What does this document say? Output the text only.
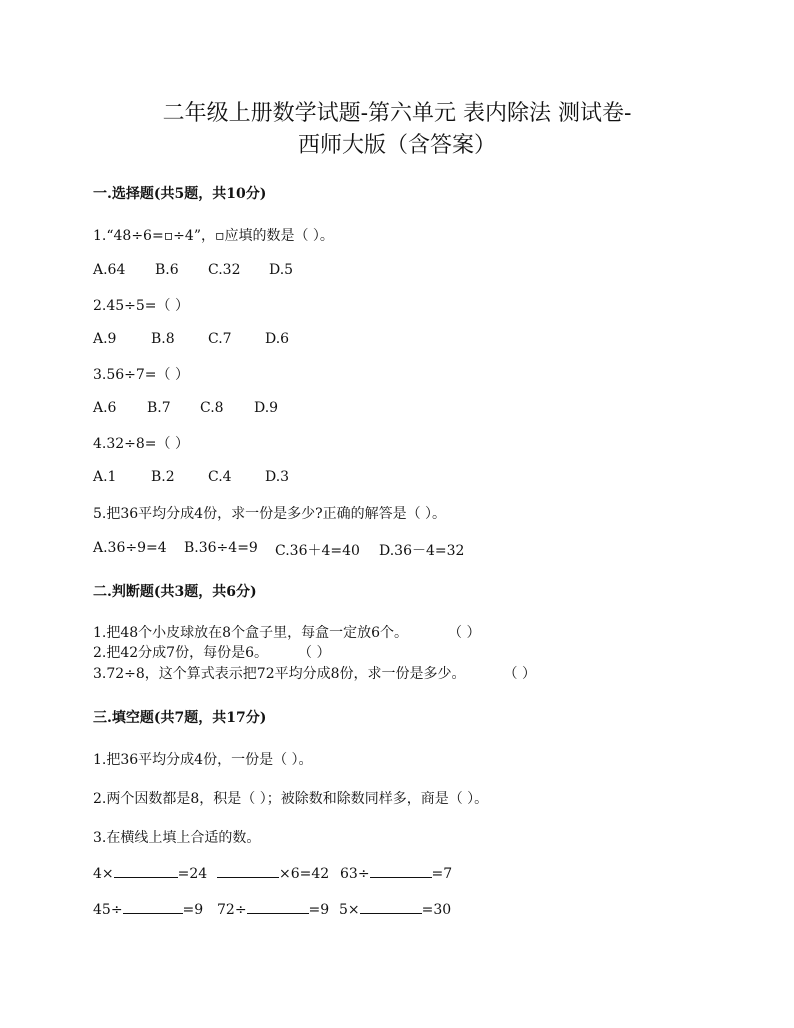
二年级上册数学试题-第六单元 表内除法 测试卷-
西师大版（含答案）
一.选择题(共5题，共10分)
1.“48÷6=▫÷4”，▫应填的数是（ ）。
A.64 B.6 C.32 D.5
2.45÷5=（ ）
A.9 B.8 C.7 D.6
3.56÷7=（ ）
A.6 B.7 C.8 D.9
4.32÷8=（ ）
A.1 B.2 C.4 D.3
5.把36平均分成4份，求一份是多少?正确的解答是（ ）。
A.36÷9=4 B.36÷4=9 C.36＋4=40 D.36－4=32
二.判断题(共3题，共6分)
1.把48个小皮球放在8个盒子里，每盒一定放6个。	（ ）
2.把42分成7份，每份是6。 （ ）
3.72÷8，这个算式表示把72平均分成8份，求一份是多少。	（ ）
三.填空题(共7题，共17分)
1.把36平均分成4份，一份是（ ）。
2.两个因数都是8，积是（ ）；被除数和除数同样多，商是（ ）。
3.在横线上填上合适的数。
4×	=24	×6=42 63÷	=7
45÷	=9 72÷	=9 5×	=30
